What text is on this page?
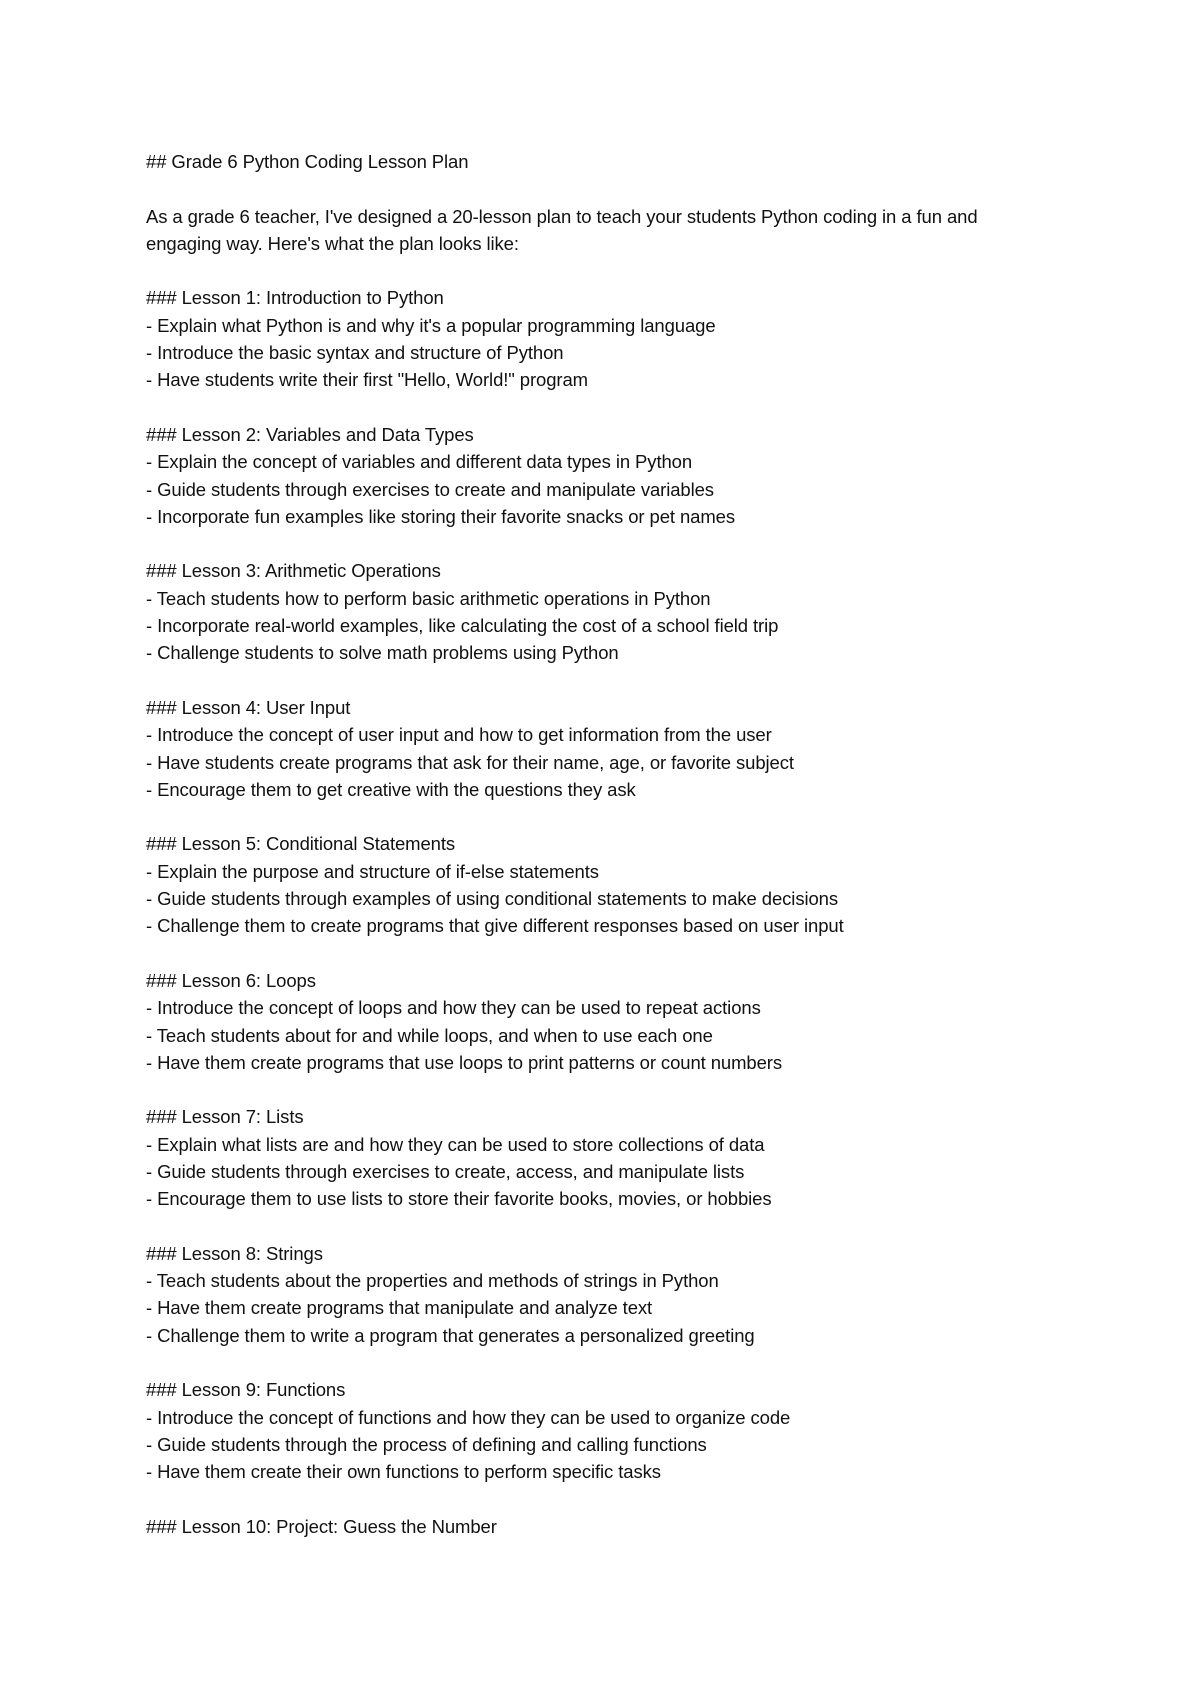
## Grade 6 Python Coding Lesson Plan
As a grade 6 teacher, I've designed a 20-lesson plan to teach your students Python coding in a fun and engaging way. Here's what the plan looks like:
### Lesson 1: Introduction to Python
- Explain what Python is and why it's a popular programming language
- Introduce the basic syntax and structure of Python
- Have students write their first "Hello, World!" program
### Lesson 2: Variables and Data Types
- Explain the concept of variables and different data types in Python
- Guide students through exercises to create and manipulate variables
- Incorporate fun examples like storing their favorite snacks or pet names
### Lesson 3: Arithmetic Operations
- Teach students how to perform basic arithmetic operations in Python
- Incorporate real-world examples, like calculating the cost of a school field trip
- Challenge students to solve math problems using Python
### Lesson 4: User Input
- Introduce the concept of user input and how to get information from the user
- Have students create programs that ask for their name, age, or favorite subject
- Encourage them to get creative with the questions they ask
### Lesson 5: Conditional Statements
- Explain the purpose and structure of if-else statements
- Guide students through examples of using conditional statements to make decisions
- Challenge them to create programs that give different responses based on user input
### Lesson 6: Loops
- Introduce the concept of loops and how they can be used to repeat actions
- Teach students about for and while loops, and when to use each one
- Have them create programs that use loops to print patterns or count numbers
### Lesson 7: Lists
- Explain what lists are and how they can be used to store collections of data
- Guide students through exercises to create, access, and manipulate lists
- Encourage them to use lists to store their favorite books, movies, or hobbies
### Lesson 8: Strings
- Teach students about the properties and methods of strings in Python
- Have them create programs that manipulate and analyze text
- Challenge them to write a program that generates a personalized greeting
### Lesson 9: Functions
- Introduce the concept of functions and how they can be used to organize code
- Guide students through the process of defining and calling functions
- Have them create their own functions to perform specific tasks
### Lesson 10: Project: Guess the Number
